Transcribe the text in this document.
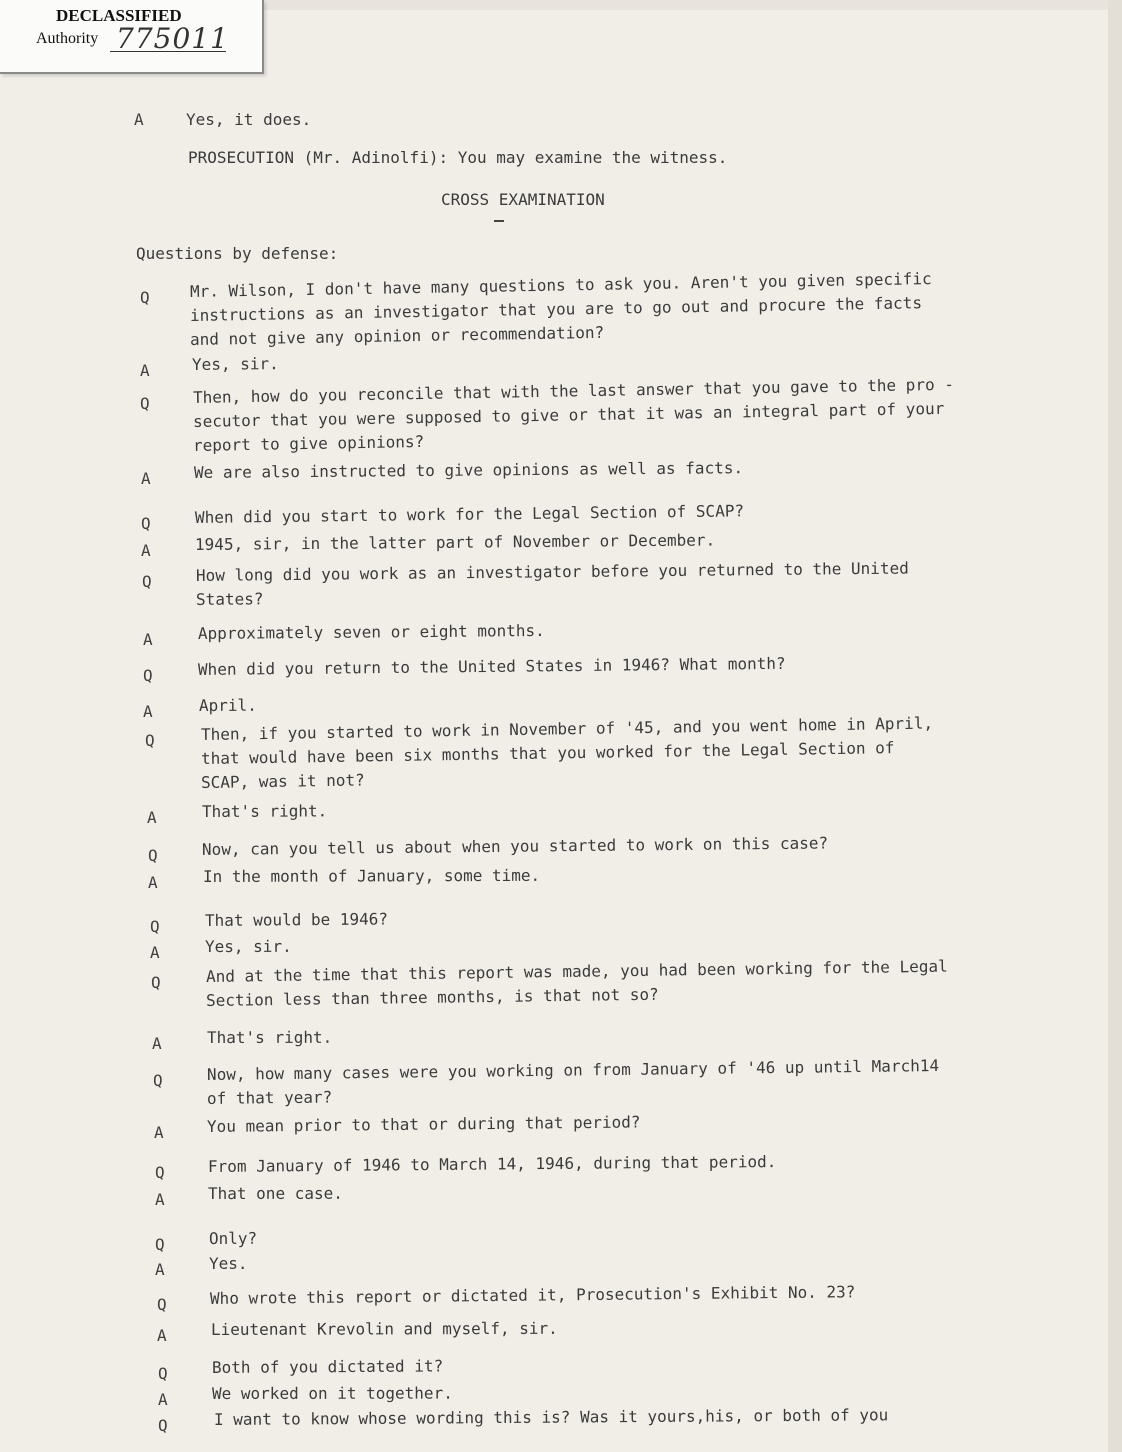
DECLASSIFIED
Authority 775011
A	Yes, it does.
PROSECUTION (Mr. Adinolfi): You may examine the witness.
CROSS EXAMINATION
Questions by defense:
Q	Mr. Wilson, I don't have many questions to ask you. Aren't you given specific
instructions as an investigator that you are to go out and procure the facts
and not give any opinion or recommendation?
A	Yes, sir.
Q	Then, how do you reconcile that with the last answer that you gave to the pro -
secutor that you were supposed to give or that it was an integral part of your
report to give opinions?
A	We are also instructed to give opinions as well as facts.
Q	When did you start to work for the Legal Section of SCAP?
A	1945, sir, in the latter part of November or December.
Q	How long did you work as an investigator before you returned to the United
States?
A	Approximately seven or eight months.
Q	When did you return to the United States in 1946? What month?
A	April.
Q	Then, if you started to work in November of '45, and you went home in April,
that would have been six months that you worked for the Legal Section of
SCAP, was it not?
A	That's right.
Q	Now, can you tell us about when you started to work on this case?
A	In the month of January, some time.
Q	That would be 1946?
A	Yes, sir.
Q	And at the time that this report was made, you had been working for the Legal
Section less than three months, is that not so?
A	That's right.
Q	Now, how many cases were you working on from January of '46 up until March14
of that year?
A	You mean prior to that or during that period?
Q	From January of 1946 to March 14, 1946, during that period.
A	That one case.
Q	Only?
A	Yes.
Q	Who wrote this report or dictated it, Prosecution's Exhibit No. 23?
A	Lieutenant Krevolin and myself, sir.
Q	Both of you dictated it?
A	We worked on it together.
Q	I want to know whose wording this is? Was it yours,his, or both of you
